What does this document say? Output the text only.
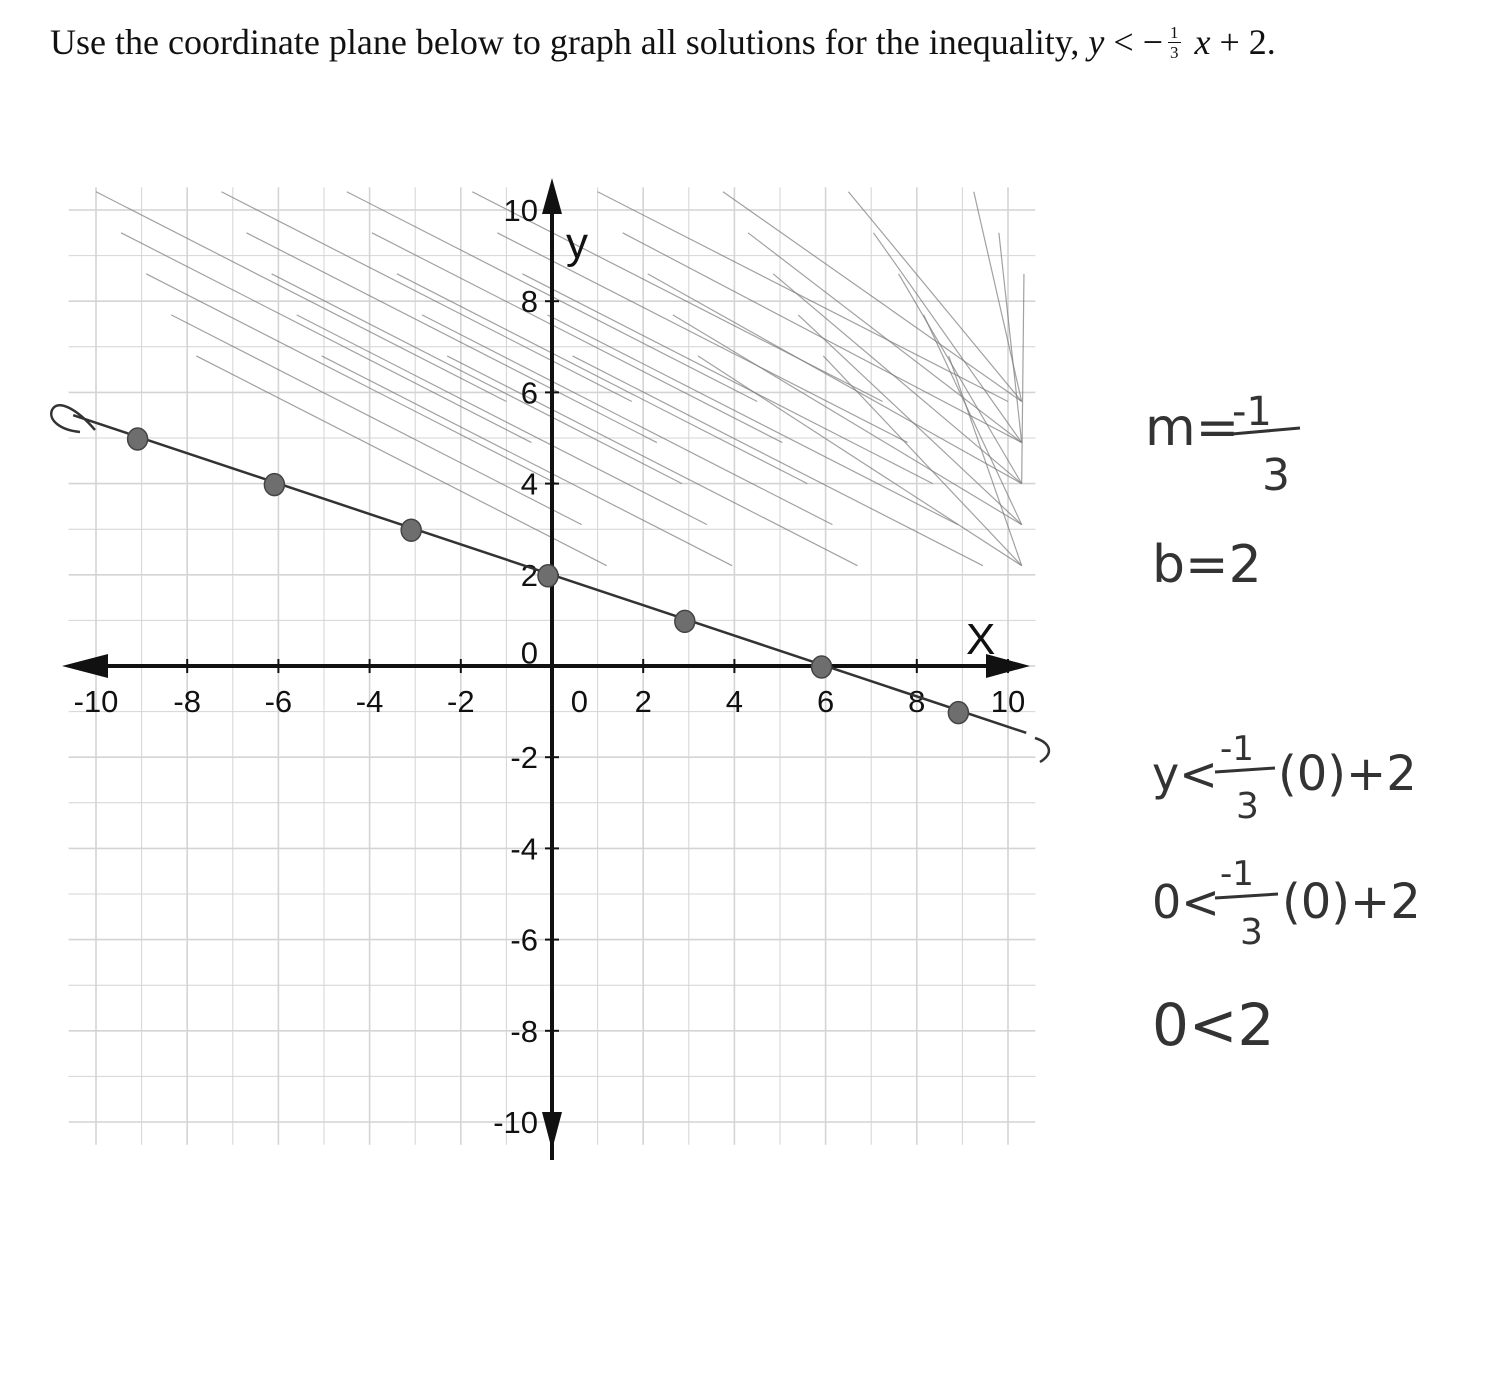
Use the coordinate plane below to graph all solutions for the inequality, y < − $\frac{1}{3}$ x + 2.
-10 -8 -6 -4 -2	0 2 4 6 8 10
10
8
6
4
2
0
-2
-4
-6
-8
-10
y
X
m=
-1
3
b=2
y< -1
3
(0)+2
0<
-1
3
(0)+2
0<2
